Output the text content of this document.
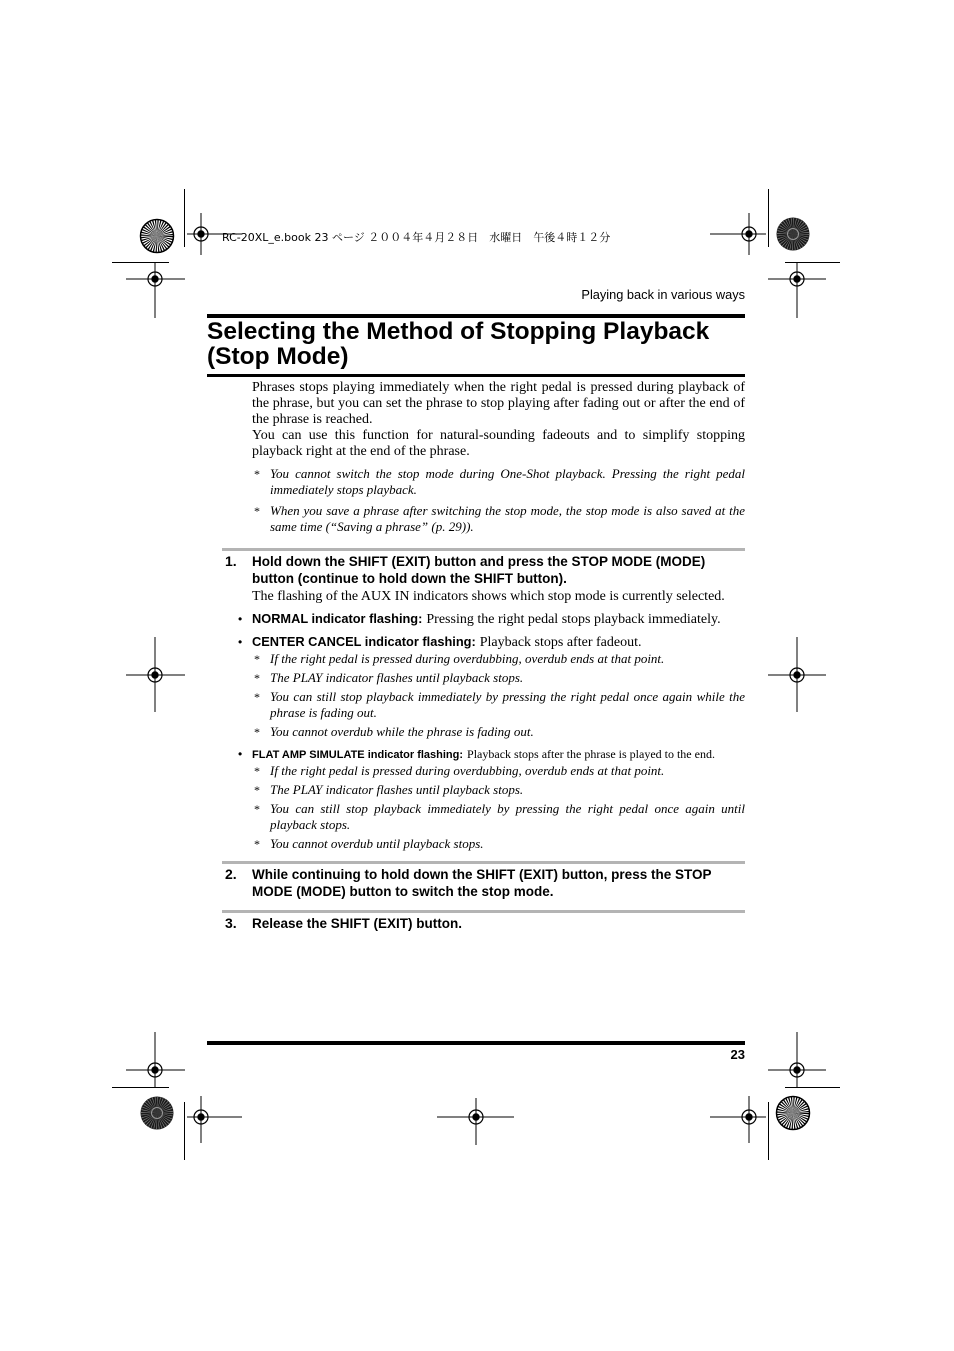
RC-20XL_e.book 23 ページ ２００４年４月２８日　水曜日　午後４時１２分
Playing back in various ways
Selecting the Method of Stopping Playback (Stop Mode)

Phrases stops playing immediately when the right pedal is pressed during playback of the phrase, but you can set the phrase to stop playing after fading out or after the end of the phrase is reached.

You can use this function for natural-sounding fadeouts and to simplify stopping playback right at the end of the phrase.

* You cannot switch the stop mode during One-Shot playback. Pressing the right pedal immediately stops playback.
* When you save a phrase after switching the stop mode, the stop mode is also saved at the same time (“Saving a phrase” (p. 29)).
1. Hold down the SHIFT (EXIT) button and press the STOP MODE (MODE) button (continue to hold down the SHIFT button).

The flashing of the AUX IN indicators shows which stop mode is currently selected.

• NORMAL indicator flashing: Pressing the right pedal stops playback immediately.
• CENTER CANCEL indicator flashing: Playback stops after fadeout.
* If the right pedal is pressed during overdubbing, overdub ends at that point.
* The PLAY indicator flashes until playback stops.
* You can still stop playback immediately by pressing the right pedal once again while the phrase is fading out.
* You cannot overdub while the phrase is fading out.
• FLAT AMP SIMULATE indicator flashing: Playback stops after the phrase is played to the end.
* If the right pedal is pressed during overdubbing, overdub ends at that point.
* The PLAY indicator flashes until playback stops.
* You can still stop playback immediately by pressing the right pedal once again until playback stops.
* You cannot overdub until playback stops.
2. While continuing to hold down the SHIFT (EXIT) button, press the STOP MODE (MODE) button to switch the stop mode.
3. Release the SHIFT (EXIT) button.
23
